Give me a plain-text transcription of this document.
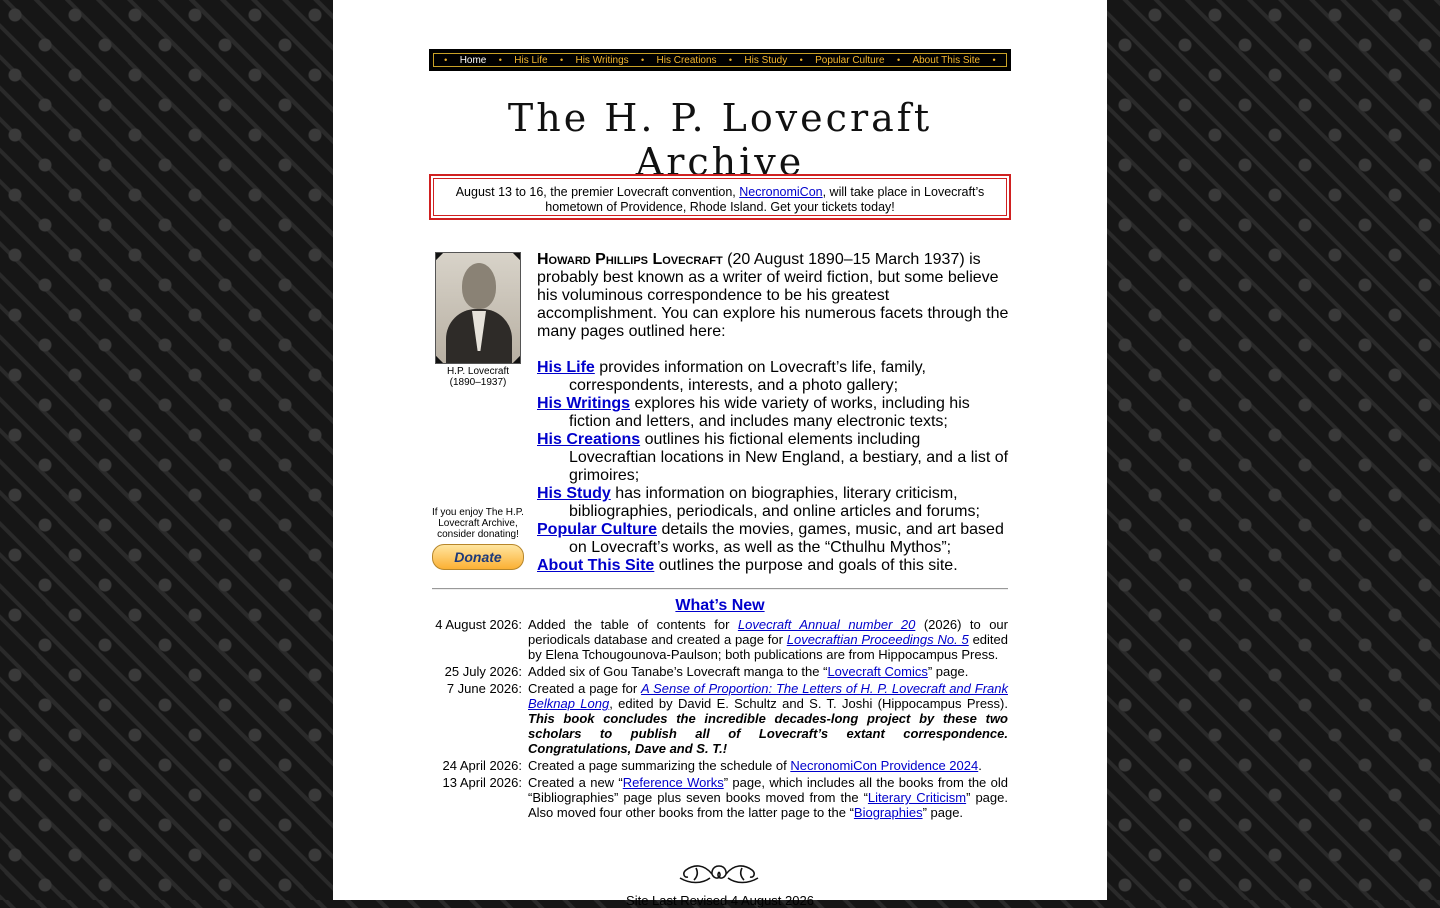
• Home • His Life • His Writings • His Creations • His Study • Popular Culture • About This Site •
The H. P. Lovecraft Archive
August 13 to 16, the premier Lovecraft convention, NecronomiCon, will take place in Lovecraft’s hometown of Providence, Rhode Island. Get your tickets today!
H.P. Lovecraft
(1890–1937)
If you enjoy The H.P. Lovecraft Archive, consider donating!
Donate
Howard Phillips Lovecraft (20 August 1890–15 March 1937) is probably best known as a writer of weird fiction, but some believe his voluminous correspondence to be his greatest accomplishment. You can explore his numerous facets through the many pages outlined here:
His Life provides information on Lovecraft’s life, family, correspondents, interests, and a photo gallery;
His Writings explores his wide variety of works, including his fiction and letters, and includes many electronic texts;
His Creations outlines his fictional elements including Lovecraftian locations in New England, a bestiary, and a list of grimoires;
His Study has information on biographies, literary criticism, bibliographies, periodicals, and online articles and forums;
Popular Culture details the movies, games, music, and art based on Lovecraft’s works, as well as the “Cthulhu Mythos”;
About This Site outlines the purpose and goals of this site.
What’s New
4 August 2026: Added the table of contents for Lovecraft Annual number 20 (2026) to our periodicals database and created a page for Lovecraftian Proceedings No. 5 edited by Elena Tchougounova-Paulson; both publications are from Hippocampus Press.
25 July 2026: Added six of Gou Tanabe’s Lovecraft manga to the “Lovecraft Comics” page.
7 June 2026: Created a page for A Sense of Proportion: The Letters of H. P. Lovecraft and Frank Belknap Long, edited by David E. Schultz and S. T. Joshi (Hippocampus Press). This book concludes the incredible decades-long project by these two scholars to publish all of Lovecraft’s extant correspondence. Congratulations, Dave and S. T.!
24 April 2026: Created a page summarizing the schedule of NecronomiCon Providence 2024.
13 April 2026: Created a new “Reference Works” page, which includes all the books from the old “Bibliographies” page plus seven books moved from the “Literary Criticism” page. Also moved four other books from the latter page to the “Biographies” page.
Site Last Revised 4 August 2026
